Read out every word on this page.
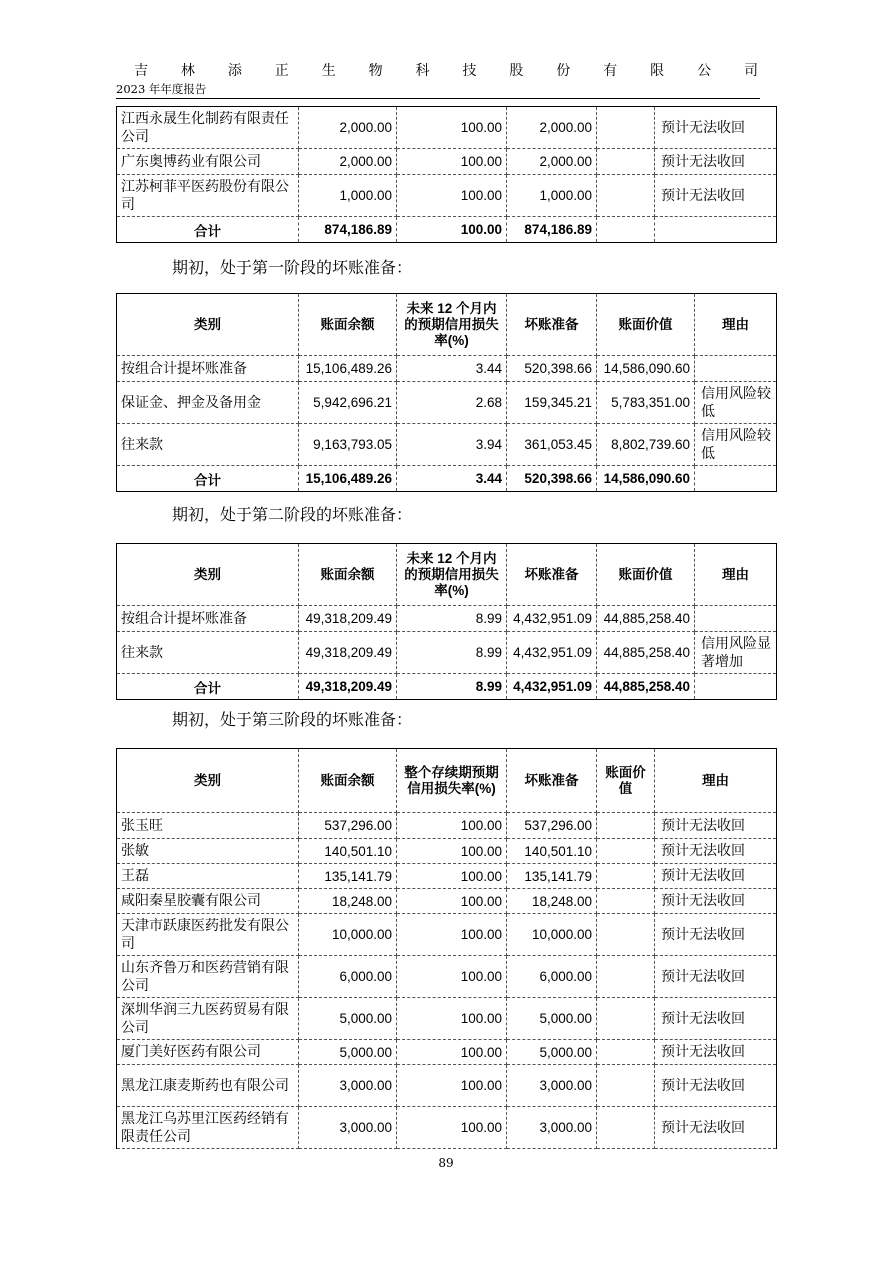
吉 林 添 正 生 物 科 技 股 份 有 限 公 司
2023 年年度报告
江西永晟生化制药有限责任公司	2,000.00	100.00	2,000.00		预计无法收回
广东奥博药业有限公司	2,000.00	100.00	2,000.00		预计无法收回
江苏柯菲平医药股份有限公司	1,000.00	100.00	1,000.00		预计无法收回
合计	874,186.89	100.00	874,186.89		
期初，处于第一阶段的坏账准备：
类别	账面余额	未来 12 个月内的预期信用损失率(%)	坏账准备	账面价值	理由
按组合计提坏账准备	15,106,489.26	3.44	520,398.66	14,586,090.60	
保证金、押金及备用金	5,942,696.21	2.68	159,345.21	5,783,351.00	信用风险较低
往来款	9,163,793.05	3.94	361,053.45	8,802,739.60	信用风险较低
合计	15,106,489.26	3.44	520,398.66	14,586,090.60	
期初，处于第二阶段的坏账准备：
类别	账面余额	未来 12 个月内的预期信用损失率(%)	坏账准备	账面价值	理由
按组合计提坏账准备	49,318,209.49	8.99	4,432,951.09	44,885,258.40	
往来款	49,318,209.49	8.99	4,432,951.09	44,885,258.40	信用风险显著增加
合计	49,318,209.49	8.99	4,432,951.09	44,885,258.40	
期初，处于第三阶段的坏账准备：
类别	账面余额	整个存续期预期信用损失率(%)	坏账准备	账面价值	理由
张玉旺	537,296.00	100.00	537,296.00		预计无法收回
张敏	140,501.10	100.00	140,501.10		预计无法收回
王磊	135,141.79	100.00	135,141.79		预计无法收回
咸阳秦星胶囊有限公司	18,248.00	100.00	18,248.00		预计无法收回
天津市跃康医药批发有限公司	10,000.00	100.00	10,000.00		预计无法收回
山东齐鲁万和医药营销有限公司	6,000.00	100.00	6,000.00		预计无法收回
深圳华润三九医药贸易有限公司	5,000.00	100.00	5,000.00		预计无法收回
厦门美好医药有限公司	5,000.00	100.00	5,000.00		预计无法收回
黑龙江康麦斯药也有限公司	3,000.00	100.00	3,000.00		预计无法收回
黑龙江乌苏里江医药经销有限责任公司	3,000.00	100.00	3,000.00		预计无法收回
89
